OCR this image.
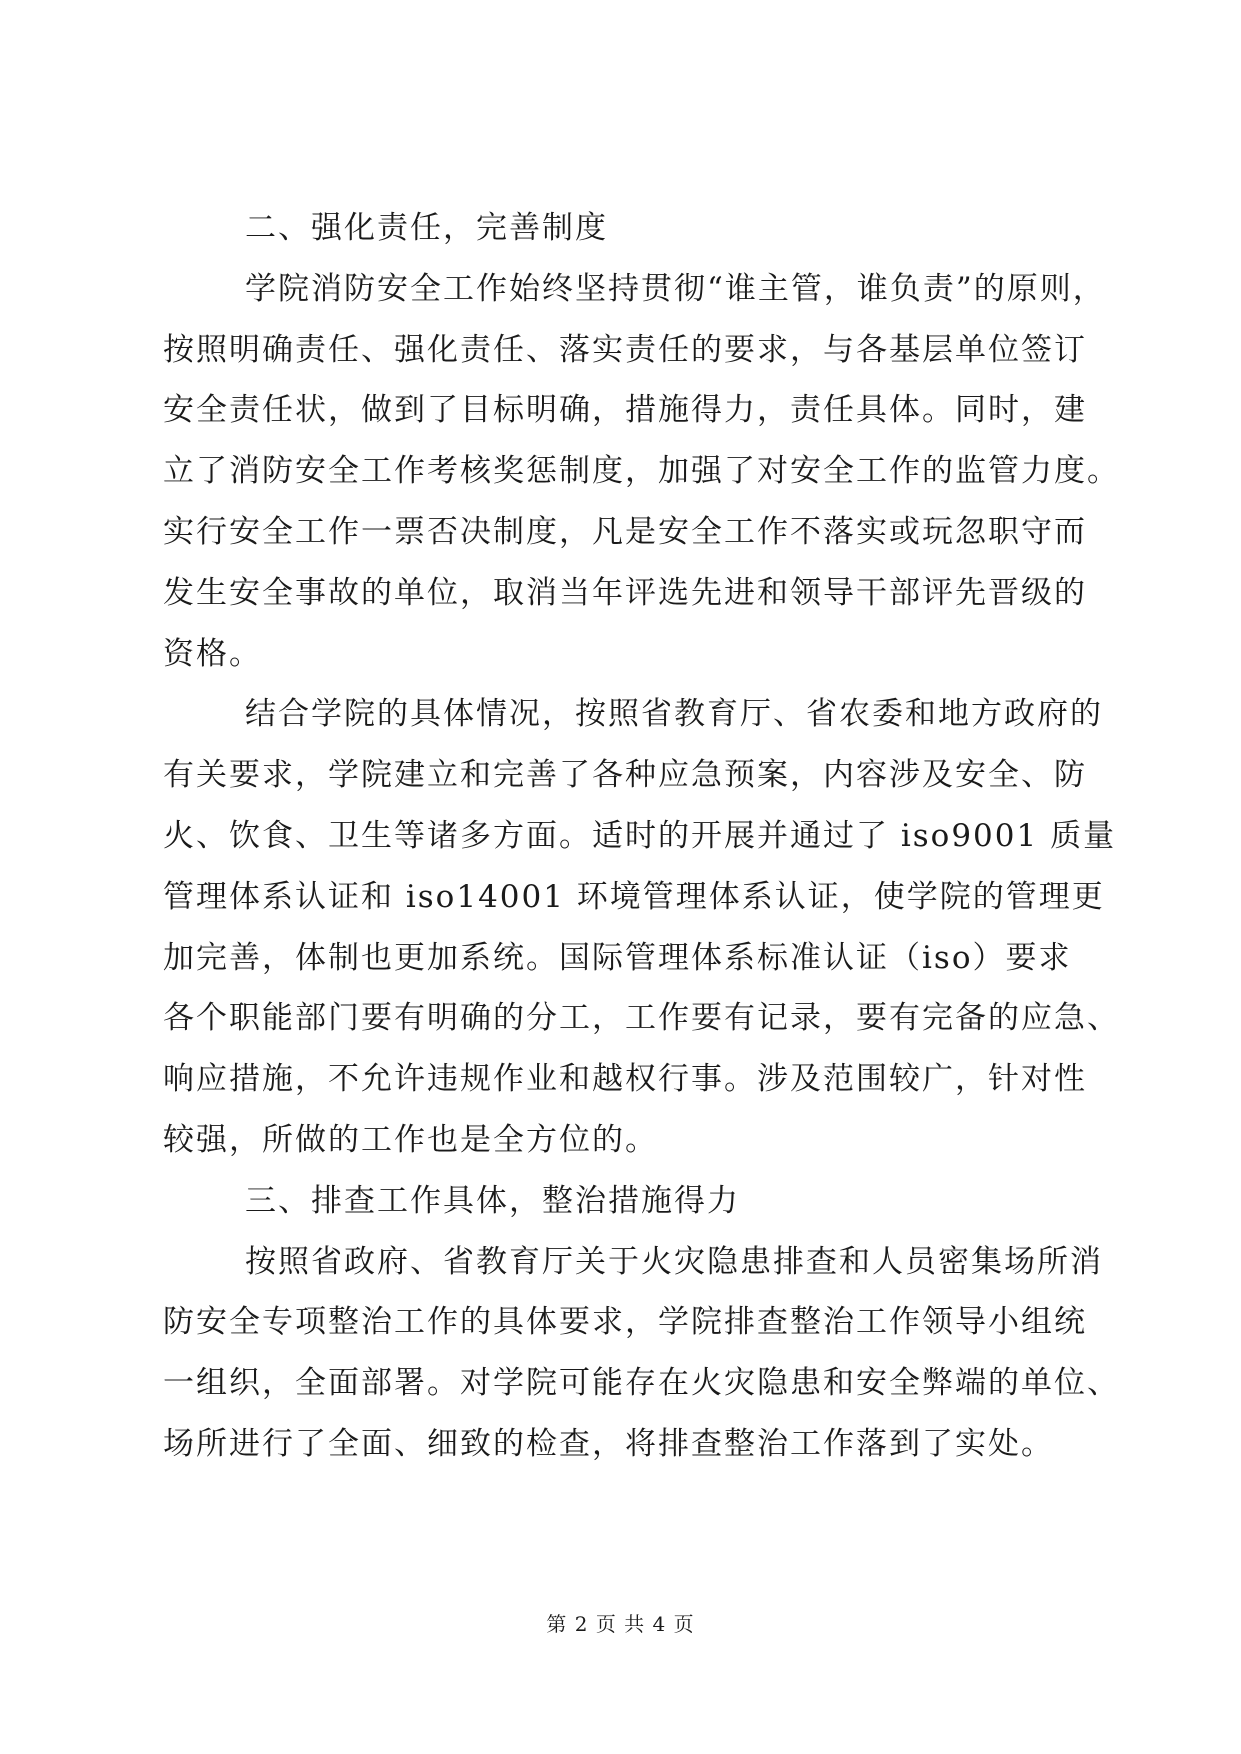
二、强化责任，完善制度
学院消防安全工作始终坚持贯彻“谁主管，谁负责”的原则，
按照明确责任、强化责任、落实责任的要求，与各基层单位签订
安全责任状，做到了目标明确，措施得力，责任具体。同时，建
立了消防安全工作考核奖惩制度，加强了对安全工作的监管力度。
实行安全工作一票否决制度，凡是安全工作不落实或玩忽职守而
发生安全事故的单位，取消当年评选先进和领导干部评先晋级的
资格。
结合学院的具体情况，按照省教育厅、省农委和地方政府的
有关要求，学院建立和完善了各种应急预案，内容涉及安全、防
火、饮食、卫生等诸多方面。适时的开展并通过了 iso9001 质量
管理体系认证和 iso14001 环境管理体系认证，使学院的管理更
加完善，体制也更加系统。国际管理体系标准认证（iso）要求
各个职能部门要有明确的分工，工作要有记录，要有完备的应急、
响应措施，不允许违规作业和越权行事。涉及范围较广，针对性
较强，所做的工作也是全方位的。
三、排查工作具体，整治措施得力
按照省政府、省教育厅关于火灾隐患排查和人员密集场所消
防安全专项整治工作的具体要求，学院排查整治工作领导小组统
一组织，全面部署。对学院可能存在火灾隐患和安全弊端的单位、
场所进行了全面、细致的检查，将排查整治工作落到了实处。
第 2 页 共 4 页
